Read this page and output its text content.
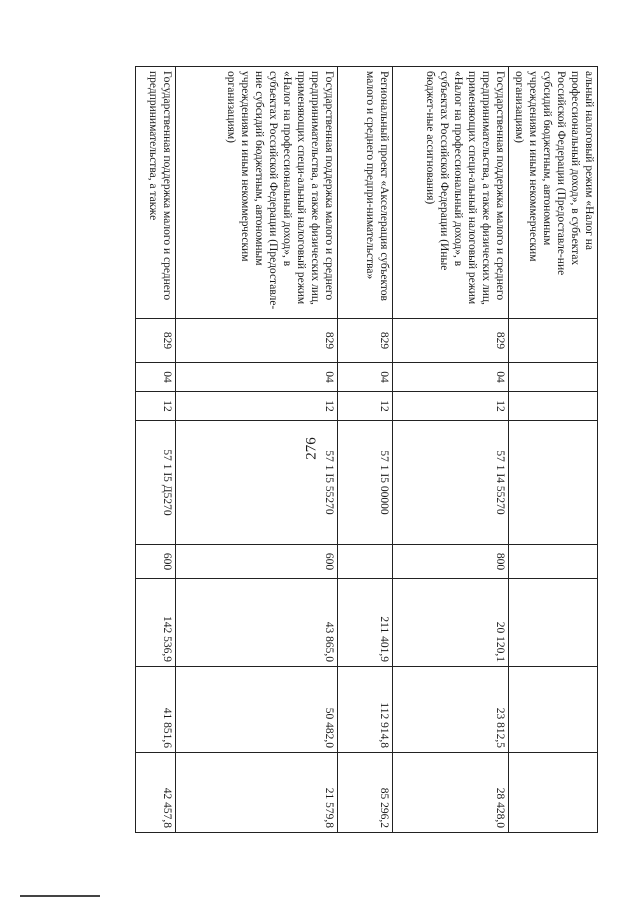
276
альный налоговый режим «Налог на профессиональный доход», в субъектах Российской Федерации (Предоставле-ние субсидий бюджетным, автономным учреждениям и иным некоммерческим организациям)								
Государственная поддержка малого и среднего предпринимательства, а также физических лиц, применяющих специ-альный налоговый режим «Налог на профессиональный доход», в субъектах Российской Федерации (Иные бюджет-ные ассигнования)	829	04	12	57 1 I4 55270	800	20 120,1	23 812,5	28 428,0
Региональный проект «Акселерация субъектов малого и среднего предпри-нимательства»	829	04	12	57 1 I5 00000		211 401,9	112 914,8	85 296,2
Государственная поддержка малого и среднего предпринимательства, а также физических лиц, применяющих специ-альный налоговый режим «Налог на профессиональный доход», в субъектах Российской Федерации (Предоставле-ние субсидий бюджетным, автономным учреждениям и иным некоммерческим организациям)	829	04	12	57 1 I5 55270	600	43 865,0	50 482,0	21 579,8
Государственная поддержка малого и среднего предпринимательства, а также	829	04	12	57 1 I5 Д5270	600	142 536,9	41 851,6	42 457,8
